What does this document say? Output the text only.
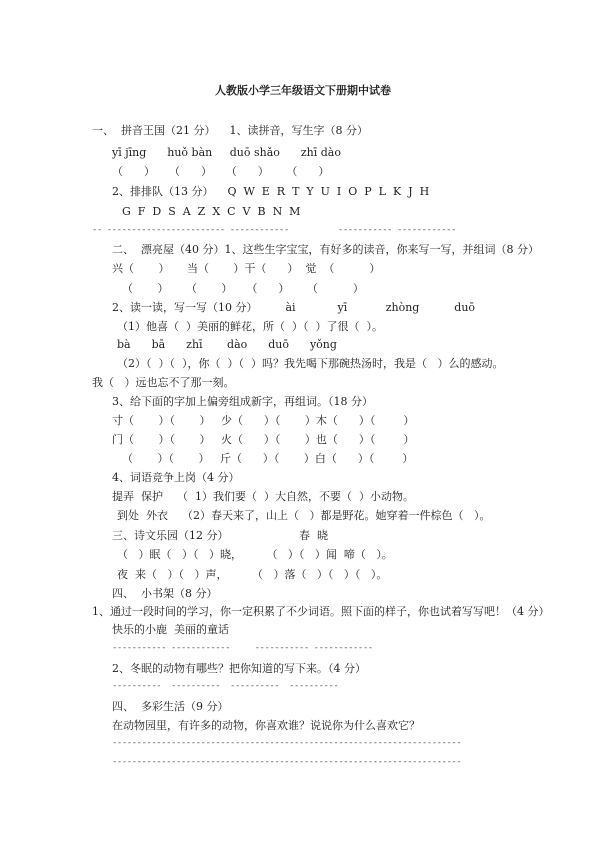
人教版小学三年级语文下册期中试卷
一、  拼音王国（21 分）    1、读拼音，写生字（8 分）
yī jīng      huǒ bàn     duō shǎo      zhī dào
（      ）    （      ）    （      ）     （      ）
2、排排队（13 分）    Q  W  E  R  T  Y  U  I  O  P  L  K  J  H
G  F  D  S  A  Z  X  C  V  B  N  M
-- ------------------------ ------------          ----------- ------------
二、  漂亮屋（40 分）1、这些生字宝宝，有好多的读音，你来写一写，并组词（8 分）
兴（       ）     当（       ）干（      ）  觉  （          ）
（       ）     （       ）    （      ）     （          ）
2、读一读，写一写（10 分）        ài            yī           zhòng          duō
（1）他喜（  ）美丽的鲜花，所（  ）（  ）了很（  ）。
bà      bā      zhī       dào      duō      yǒng
（2）（  ）（  ），你（  ）（  ）吗？我先喝下那碗热汤时，我是（   ）么的感动。
我（   ）远也忘不了那一刻。
3、给下面的字加上偏旁组成新字，再组词。（18 分）
寸（       ）（       ）   少（      ）（       ）木（      ）（        ）
门（       ）（       ）   火（      ）（       ）也（      ）（        ）
（       ）（       ）   斤（      ）（       ）白（      ）（        ）
4、词语竞争上岗（4 分）
提弄  保护    （  1）我们要（  ）大自然，不要（  ）小动物。
到处  外衣    （2）春天来了，山上（   ）都是野花。她穿着一件棕色（   ）。
三、诗文乐园（12 分）	春  晓
（   ）眠（   ）（   ）晓，       （   ）（   ）闻  啼（   ）。
夜  来（   ）（   ）声，       （   ）落（   ）（   ）（   ）。
四、  小书架（8 分）
1、通过一段时间的学习，你一定积累了不少词语。照下面的样子，你也试着写写吧！（4 分）
快乐的小鹿  美丽的童话
----------- ------------     ----------- ------------
2、冬眠的动物有哪些？把你知道的写下来。（4 分）
----------  ----------  ----------  ----------
四、  多彩生活（9 分）
在动物园里，有许多的动物，你喜欢谁？说说你为什么喜欢它？
-----------------------------------------------------------------------
-----------------------------------------------------------------------
